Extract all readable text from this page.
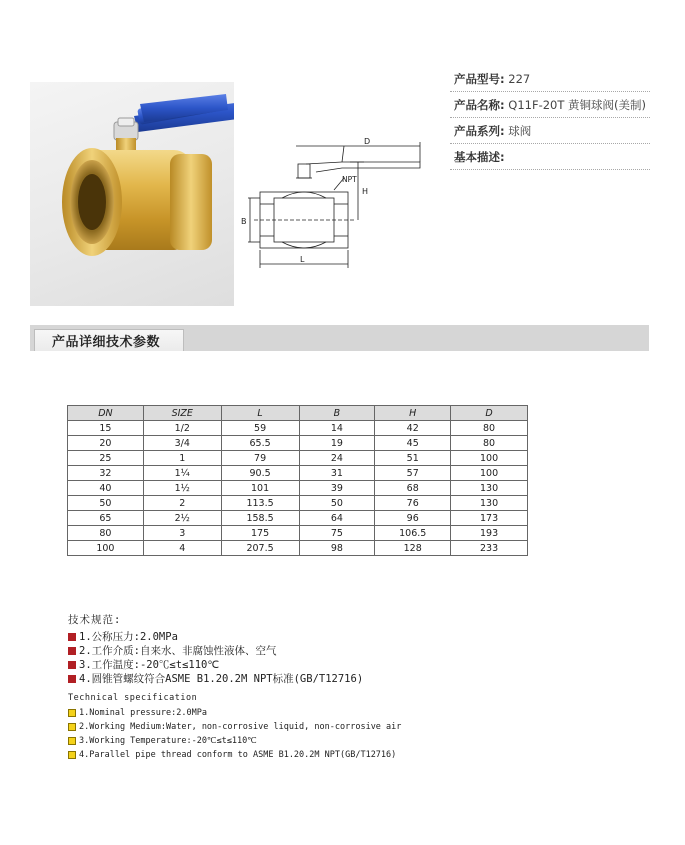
D
NPT
H
B
L
产品型号: 227
产品名称: Q11F-20T 黄铜球阀(美制)
产品系列: 球阀
基本描述:
产品详细技术参数
DN	SIZE	L	B	H	D
15	1/2	59	14	42	80
20	3/4	65.5	19	45	80
25	1	79	24	51	100
32	1¼	90.5	31	57	100
40	1½	101	39	68	130
50	2	113.5	50	76	130
65	2½	158.5	64	96	173
80	3	175	75	106.5	193
100	4	207.5	98	128	233
技术规范:
1.公称压力:2.0MPa
2.工作介质:自来水、非腐蚀性液体、空气
3.工作温度:-20℃≤t≤110℃
4.圆锥管螺纹符合ASME B1.20.2M NPT标准(GB/T12716)
Technical specification
1.Nominal pressure:2.0MPa
2.Working Medium:Water, non-corrosive liquid, non-corrosive air
3.Working Temperature:-20℃≤t≤110℃
4.Parallel pipe thread conform to ASME B1.20.2M NPT(GB/T12716)
